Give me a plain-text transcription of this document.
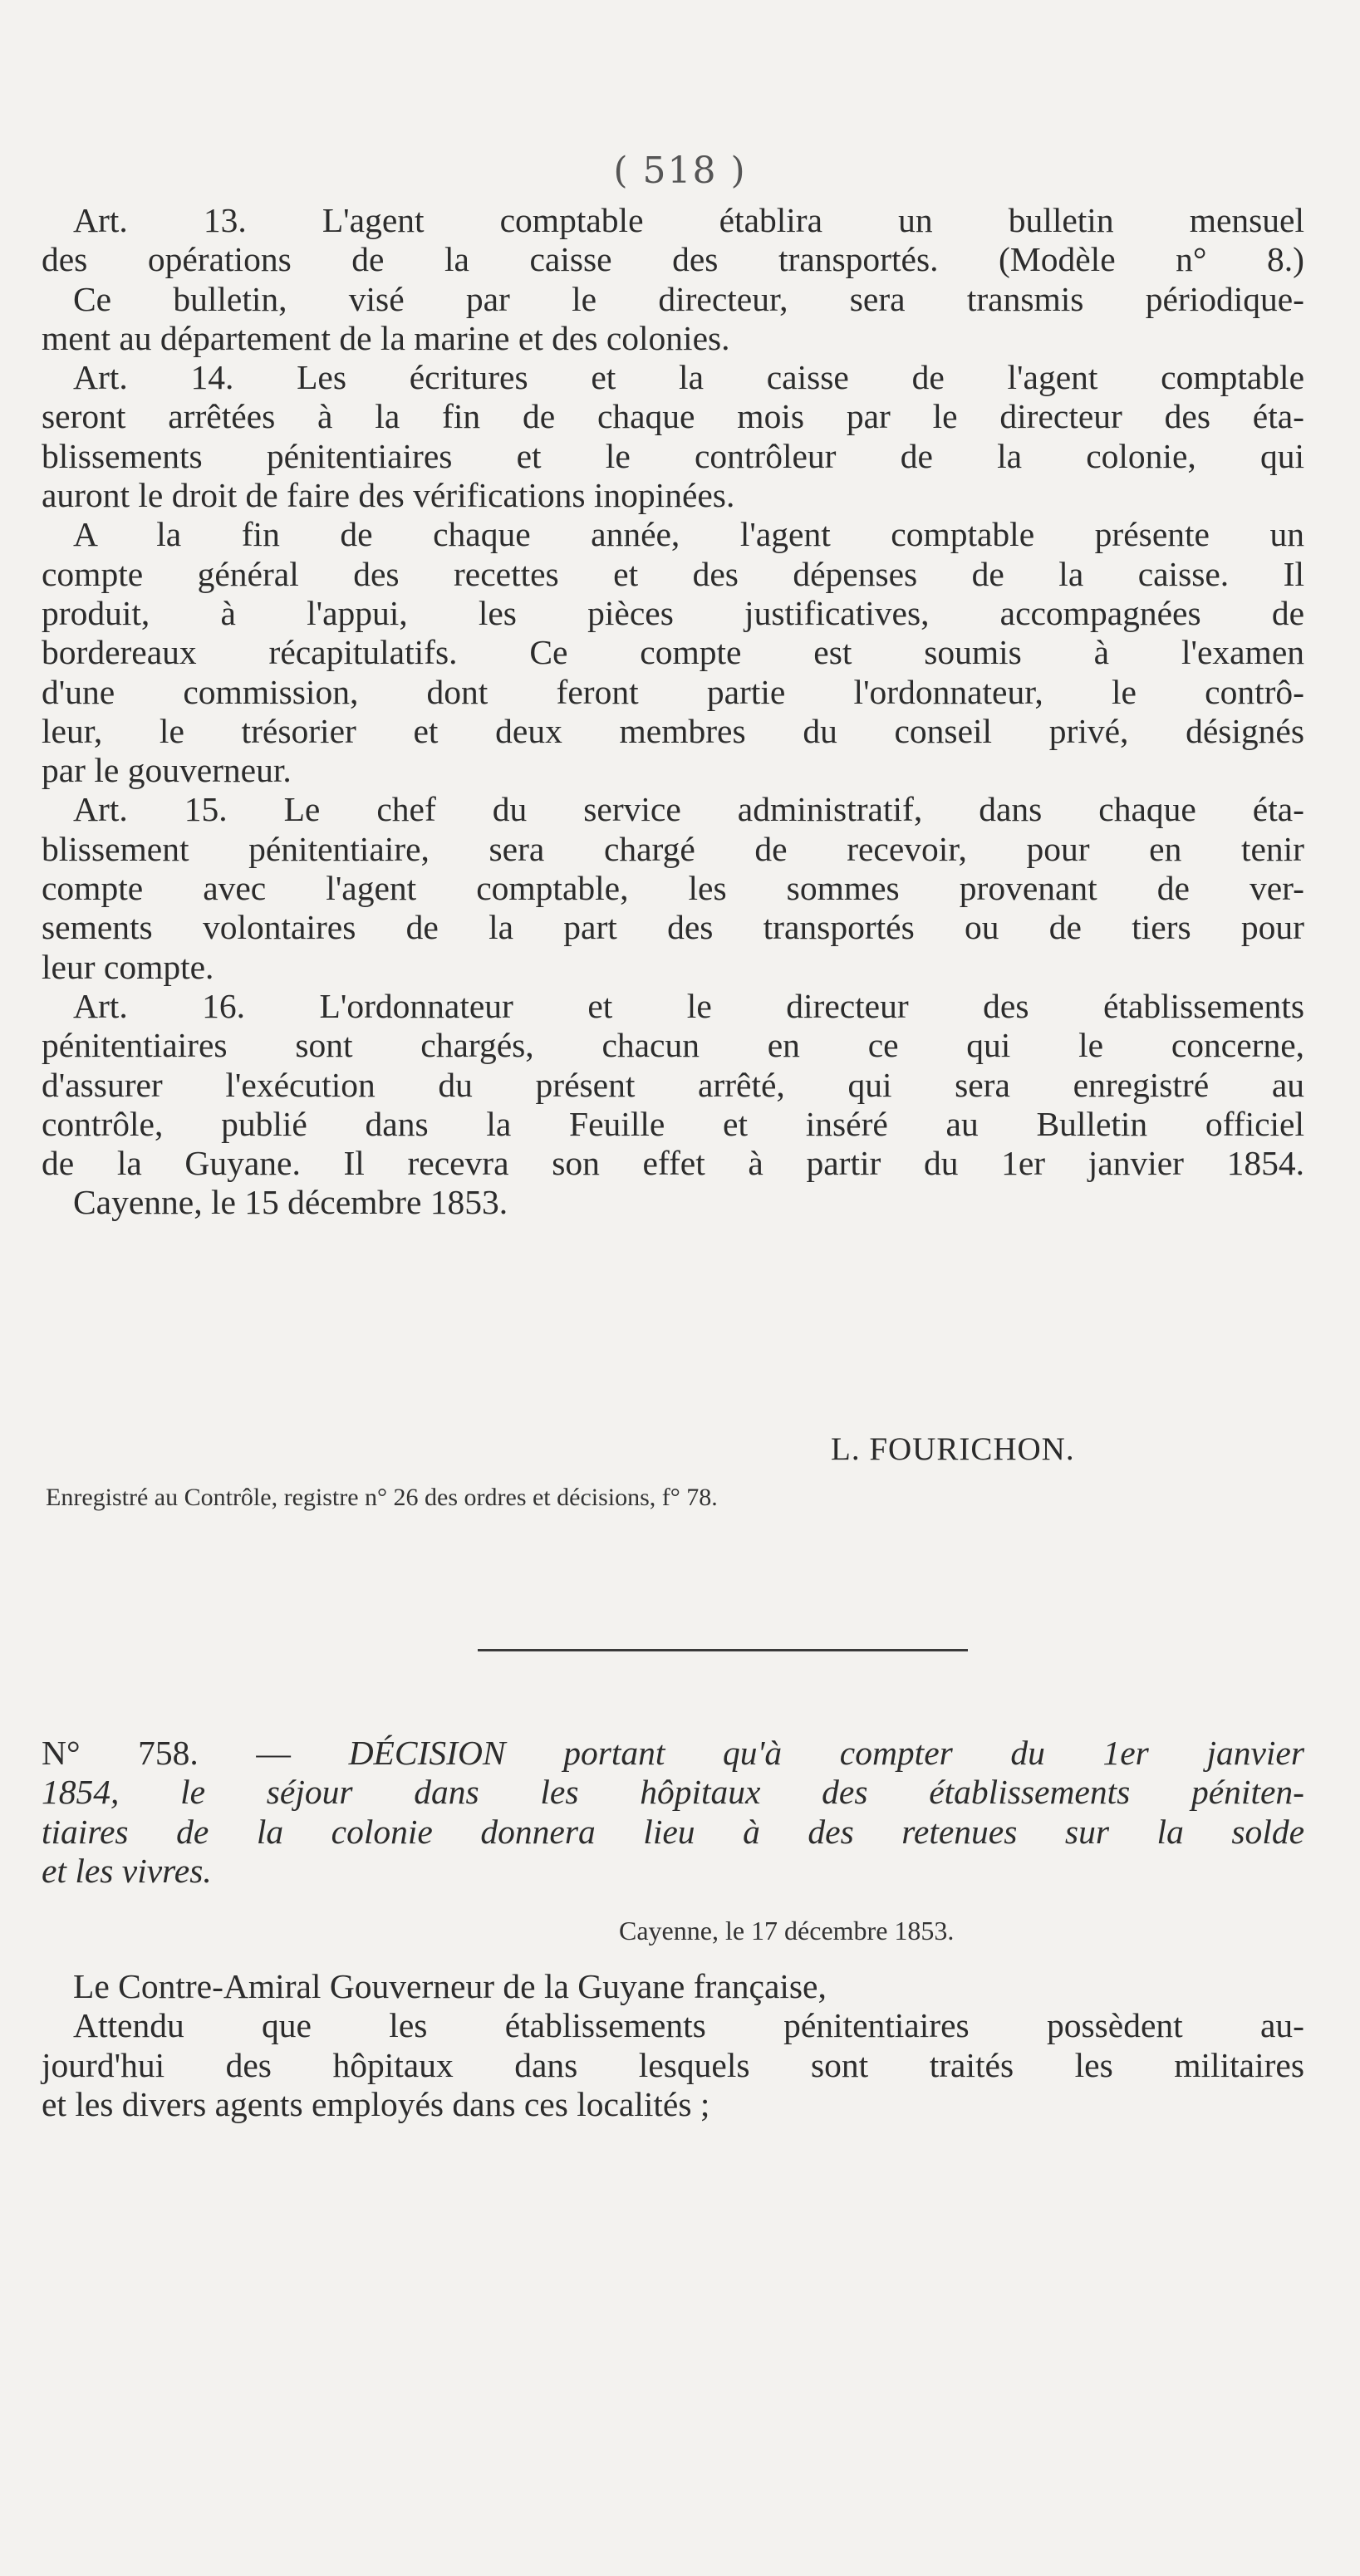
( 518 )
Art. 13. L'agent comptable établira un bulletin mensuel
des opérations de la caisse des transportés. (Modèle n° 8.)
Ce bulletin, visé par le directeur, sera transmis périodique-
ment au département de la marine et des colonies.
Art. 14. Les écritures et la caisse de l'agent comptable
seront arrêtées à la fin de chaque mois par le directeur des éta-
blissements pénitentiaires et le contrôleur de la colonie, qui
auront le droit de faire des vérifications inopinées.
A la fin de chaque année, l'agent comptable présente un
compte général des recettes et des dépenses de la caisse. Il
produit, à l'appui, les pièces justificatives, accompagnées de
bordereaux récapitulatifs. Ce compte est soumis à l'examen
d'une commission, dont feront partie l'ordonnateur, le contrô-
leur, le trésorier et deux membres du conseil privé, désignés
par le gouverneur.
Art. 15. Le chef du service administratif, dans chaque éta-
blissement pénitentiaire, sera chargé de recevoir, pour en tenir
compte avec l'agent comptable, les sommes provenant de ver-
sements volontaires de la part des transportés ou de tiers pour
leur compte.
Art. 16. L'ordonnateur et le directeur des établissements
pénitentiaires sont chargés, chacun en ce qui le concerne,
d'assurer l'exécution du présent arrêté, qui sera enregistré au
contrôle, publié dans la Feuille et inséré au Bulletin officiel
de la Guyane. Il recevra son effet à partir du 1er janvier 1854.
Cayenne, le 15 décembre 1853.
L. FOURICHON.
Enregistré au Contrôle, registre n° 26 des ordres et décisions, f° 78.
N° 758. — DÉCISION portant qu'à compter du 1er janvier
1854, le séjour dans les hôpitaux des établissements péniten-
tiaires de la colonie donnera lieu à des retenues sur la solde
et les vivres.
Cayenne, le 17 décembre 1853.
Le Contre-Amiral Gouverneur de la Guyane française,
Attendu que les établissements pénitentiaires possèdent au-
jourd'hui des hôpitaux dans lesquels sont traités les militaires
et les divers agents employés dans ces localités ;
